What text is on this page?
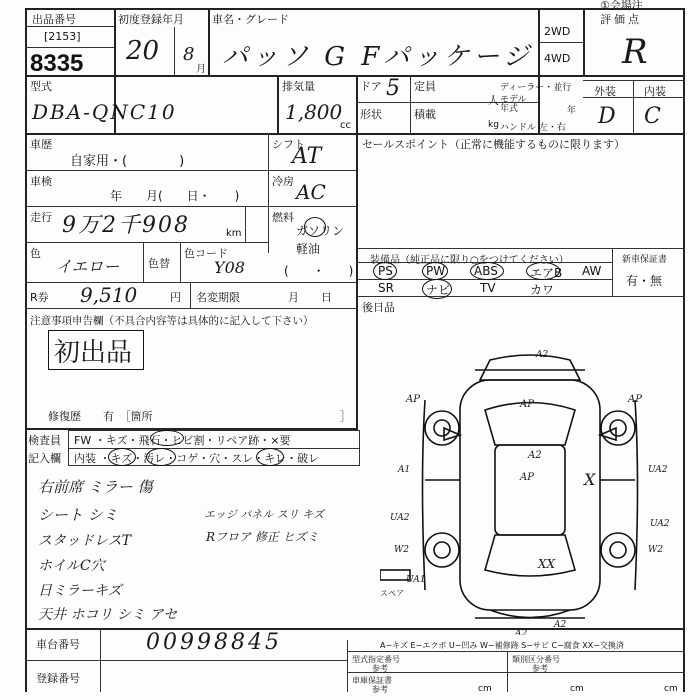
出品番号
[2153]
8335
①会場注
初度登録年月
20 8
月
車名・グレード
パッソ G Fパッケージ
2WD
4WD
評価点
R
型式
DBA-QNC10
排気量
1,800
cc
ドア 5 定員
人
形状	積載
kg
ディーラー・並行
モデル年式	年
ハンドル 左・右
外装	内装
D C
車歴
自家用・(　　　　)
シフト
AT
車検
年　　月(　　日・　　)
冷房 AC
走行 9万2千908	km
燃料
ガソリン
軽油
(　　・　　)
色
イエロー	色替
色コード
Y08
R券 9,510	円 名変期限	月　　日
セールスポイント（正常に機能するものに限ります）
装備品（純正品に限り○をつけてください）	新車保証書
有・無
PS	PW ABS	エアB AW
SR	ナビ TV	カワ
後日品
注意事項申告欄（不具合内容等は具体的に記入して下さい）
初出品
修復歴　　有　［箇所	］
検査員
記入欄
FW ・キズ・飛石・ヒビ割・リペア跡・×要
内装 ・キズ・汚レ・コゲ・穴・スレ・キレ・破レ
右前席 ミラー 傷
シート シミ
スタッドレスT
ホイルC穴
日ミラーキズ
天井 ホコリ シミ アセ
エッジ パネル スリ キズ
Rフロア 修正 ヒズミ
A2
A2
A2
A2
AP	AP	AP
AP	X
XX
A1	UA2
UA2
UA2
W2	W2
UA1
スペア
車台番号	00998845
登録番号
A−キズ E−エクボ U−凹み W−補修跡 S−サビ C−腐食 XX−交換済
型式指定番号
参考
類別区分番号
参考
車庫保証書
参考	cm	cm	cm
